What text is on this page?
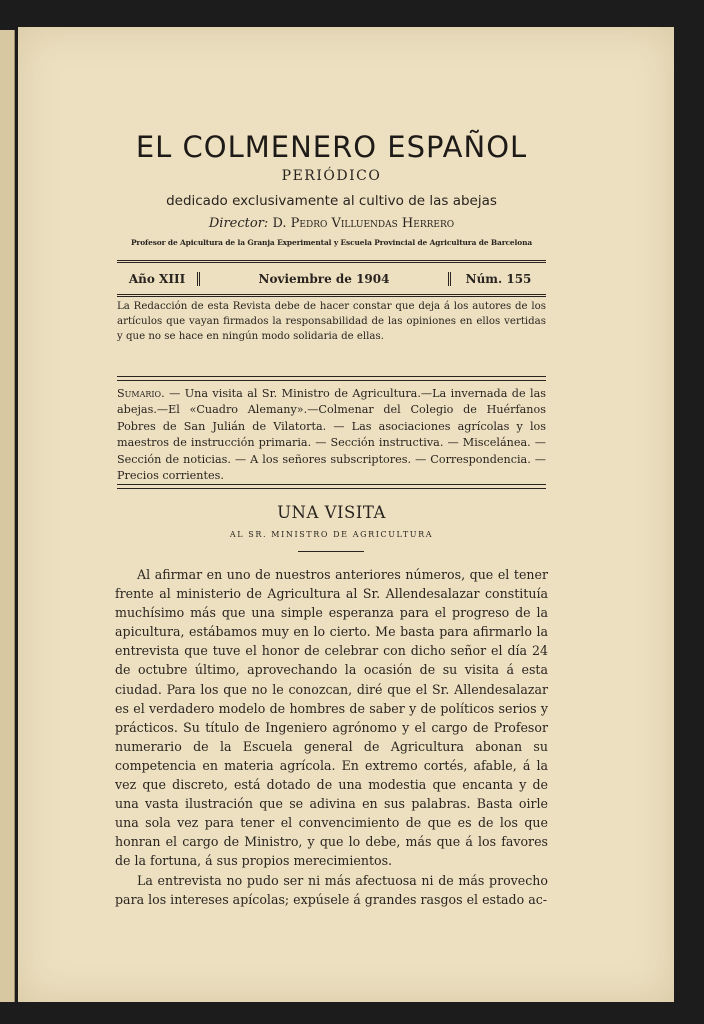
EL COLMENERO ESPAÑOL
PERIÓDICO
dedicado exclusivamente al cultivo de las abejas
Director: D. Pedro Villuendas Herrero
Profesor de Apicultura de la Granja Experimental y Escuela Provincial de Agricultura de Barcelona
Año XIII	Noviembre de 1904	Núm. 155
La Redacción de esta Revista debe de hacer constar que deja á los autores de los artículos que vayan firmados la responsabilidad de las opiniones en ellos vertidas y que no se hace en ningún modo solidaria de ellas.
Sumario. — Una visita al Sr. Ministro de Agricultura.—La invernada de las abejas.—El «Cuadro Alemany».—Colmenar del Colegio de Huérfanos Pobres de San Julián de Vilatorta. — Las asociaciones agrícolas y los maestros de instrucción primaria. — Sección instructiva. — Miscelánea. — Sección de noticias. — A los señores subscriptores. — Correspondencia. — Precios corrientes.
UNA VISITA
AL SR. MINISTRO DE AGRICULTURA

Al afirmar en uno de nuestros anteriores números, que el tener frente al ministerio de Agricultura al Sr. Allendesalazar constituía muchísimo más que una simple esperanza para el progreso de la apicultura, estábamos muy en lo cierto. Me basta para afirmarlo la entrevista que tuve el honor de celebrar con dicho señor el día 24 de octubre último, aprovechando la ocasión de su visita á esta ciudad. Para los que no le conozcan, diré que el Sr. Allendesalazar es el verdadero modelo de hombres de saber y de políticos serios y prácticos. Su título de Ingeniero agrónomo y el cargo de Profesor numerario de la Escuela general de Agricultura abonan su competencia en materia agrícola. En extremo cortés, afable, á la vez que discreto, está dotado de una modestia que encanta y de una vasta ilustración que se adivina en sus palabras. Basta oirle una sola vez para tener el convencimiento de que es de los que honran el cargo de Ministro, y que lo debe, más que á los favores de la fortuna, á sus propios merecimientos.

La entrevista no pudo ser ni más afectuosa ni de más provecho para los intereses apícolas; expúsele á grandes rasgos el estado ac-
